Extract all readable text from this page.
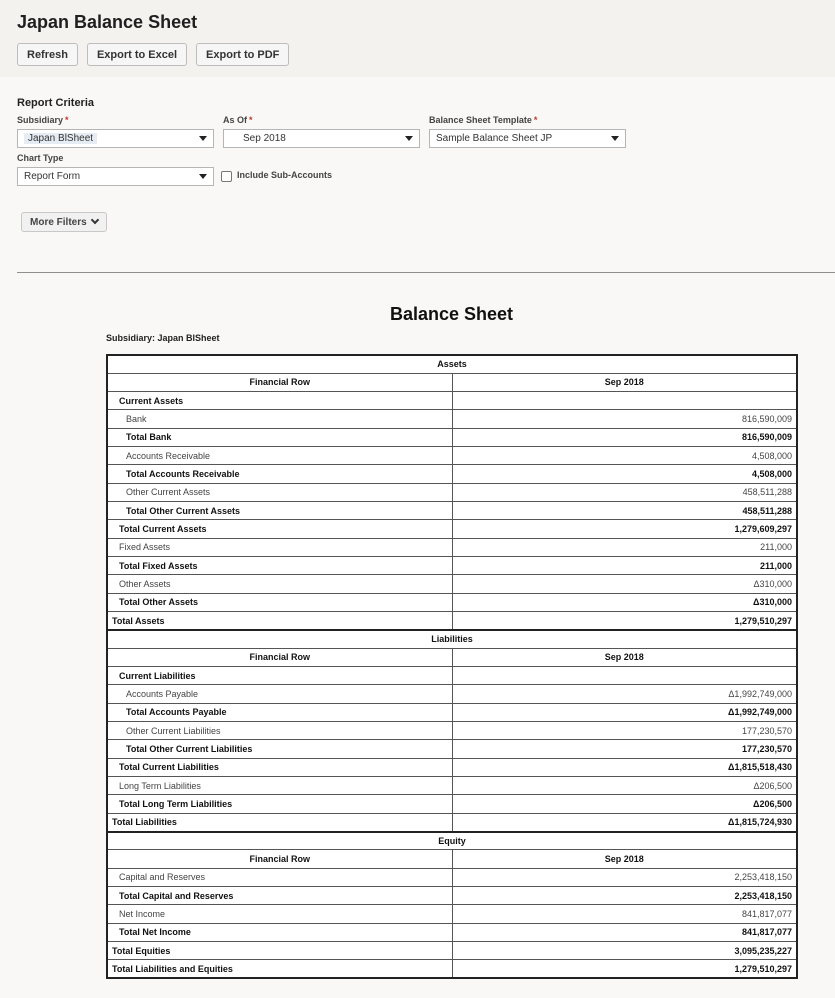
Japan Balance Sheet
Refresh	Export to Excel	Export to PDF
Report Criteria
Subsidiary *
Japan BlSheet
As Of *
Sep 2018
Balance Sheet Template *
Sample Balance Sheet JP
Chart Type
Report Form	Include Sub-Accounts
More Filters
Balance Sheet
Subsidiary: Japan BlSheet
Assets	
Financial Row	Sep 2018
Current Assets	
Bank	816,590,009
Total Bank	816,590,009
Accounts Receivable	4,508,000
Total Accounts Receivable	4,508,000
Other Current Assets	458,511,288
Total Other Current Assets	458,511,288
Total Current Assets	1,279,609,297
Fixed Assets	211,000
Total Fixed Assets	211,000
Other Assets	Δ310,000
Total Other Assets	Δ310,000
Total Assets	1,279,510,297
Liabilities	
Financial Row	Sep 2018
Current Liabilities	
Accounts Payable	Δ1,992,749,000
Total Accounts Payable	Δ1,992,749,000
Other Current Liabilities	177,230,570
Total Other Current Liabilities	177,230,570
Total Current Liabilities	Δ1,815,518,430
Long Term Liabilities	Δ206,500
Total Long Term Liabilities	Δ206,500
Total Liabilities	Δ1,815,724,930
Equity	
Financial Row	Sep 2018
Capital and Reserves	2,253,418,150
Total Capital and Reserves	2,253,418,150
Net Income	841,817,077
Total Net Income	841,817,077
Total Equities	3,095,235,227
Total Liabilities and Equities	1,279,510,297
